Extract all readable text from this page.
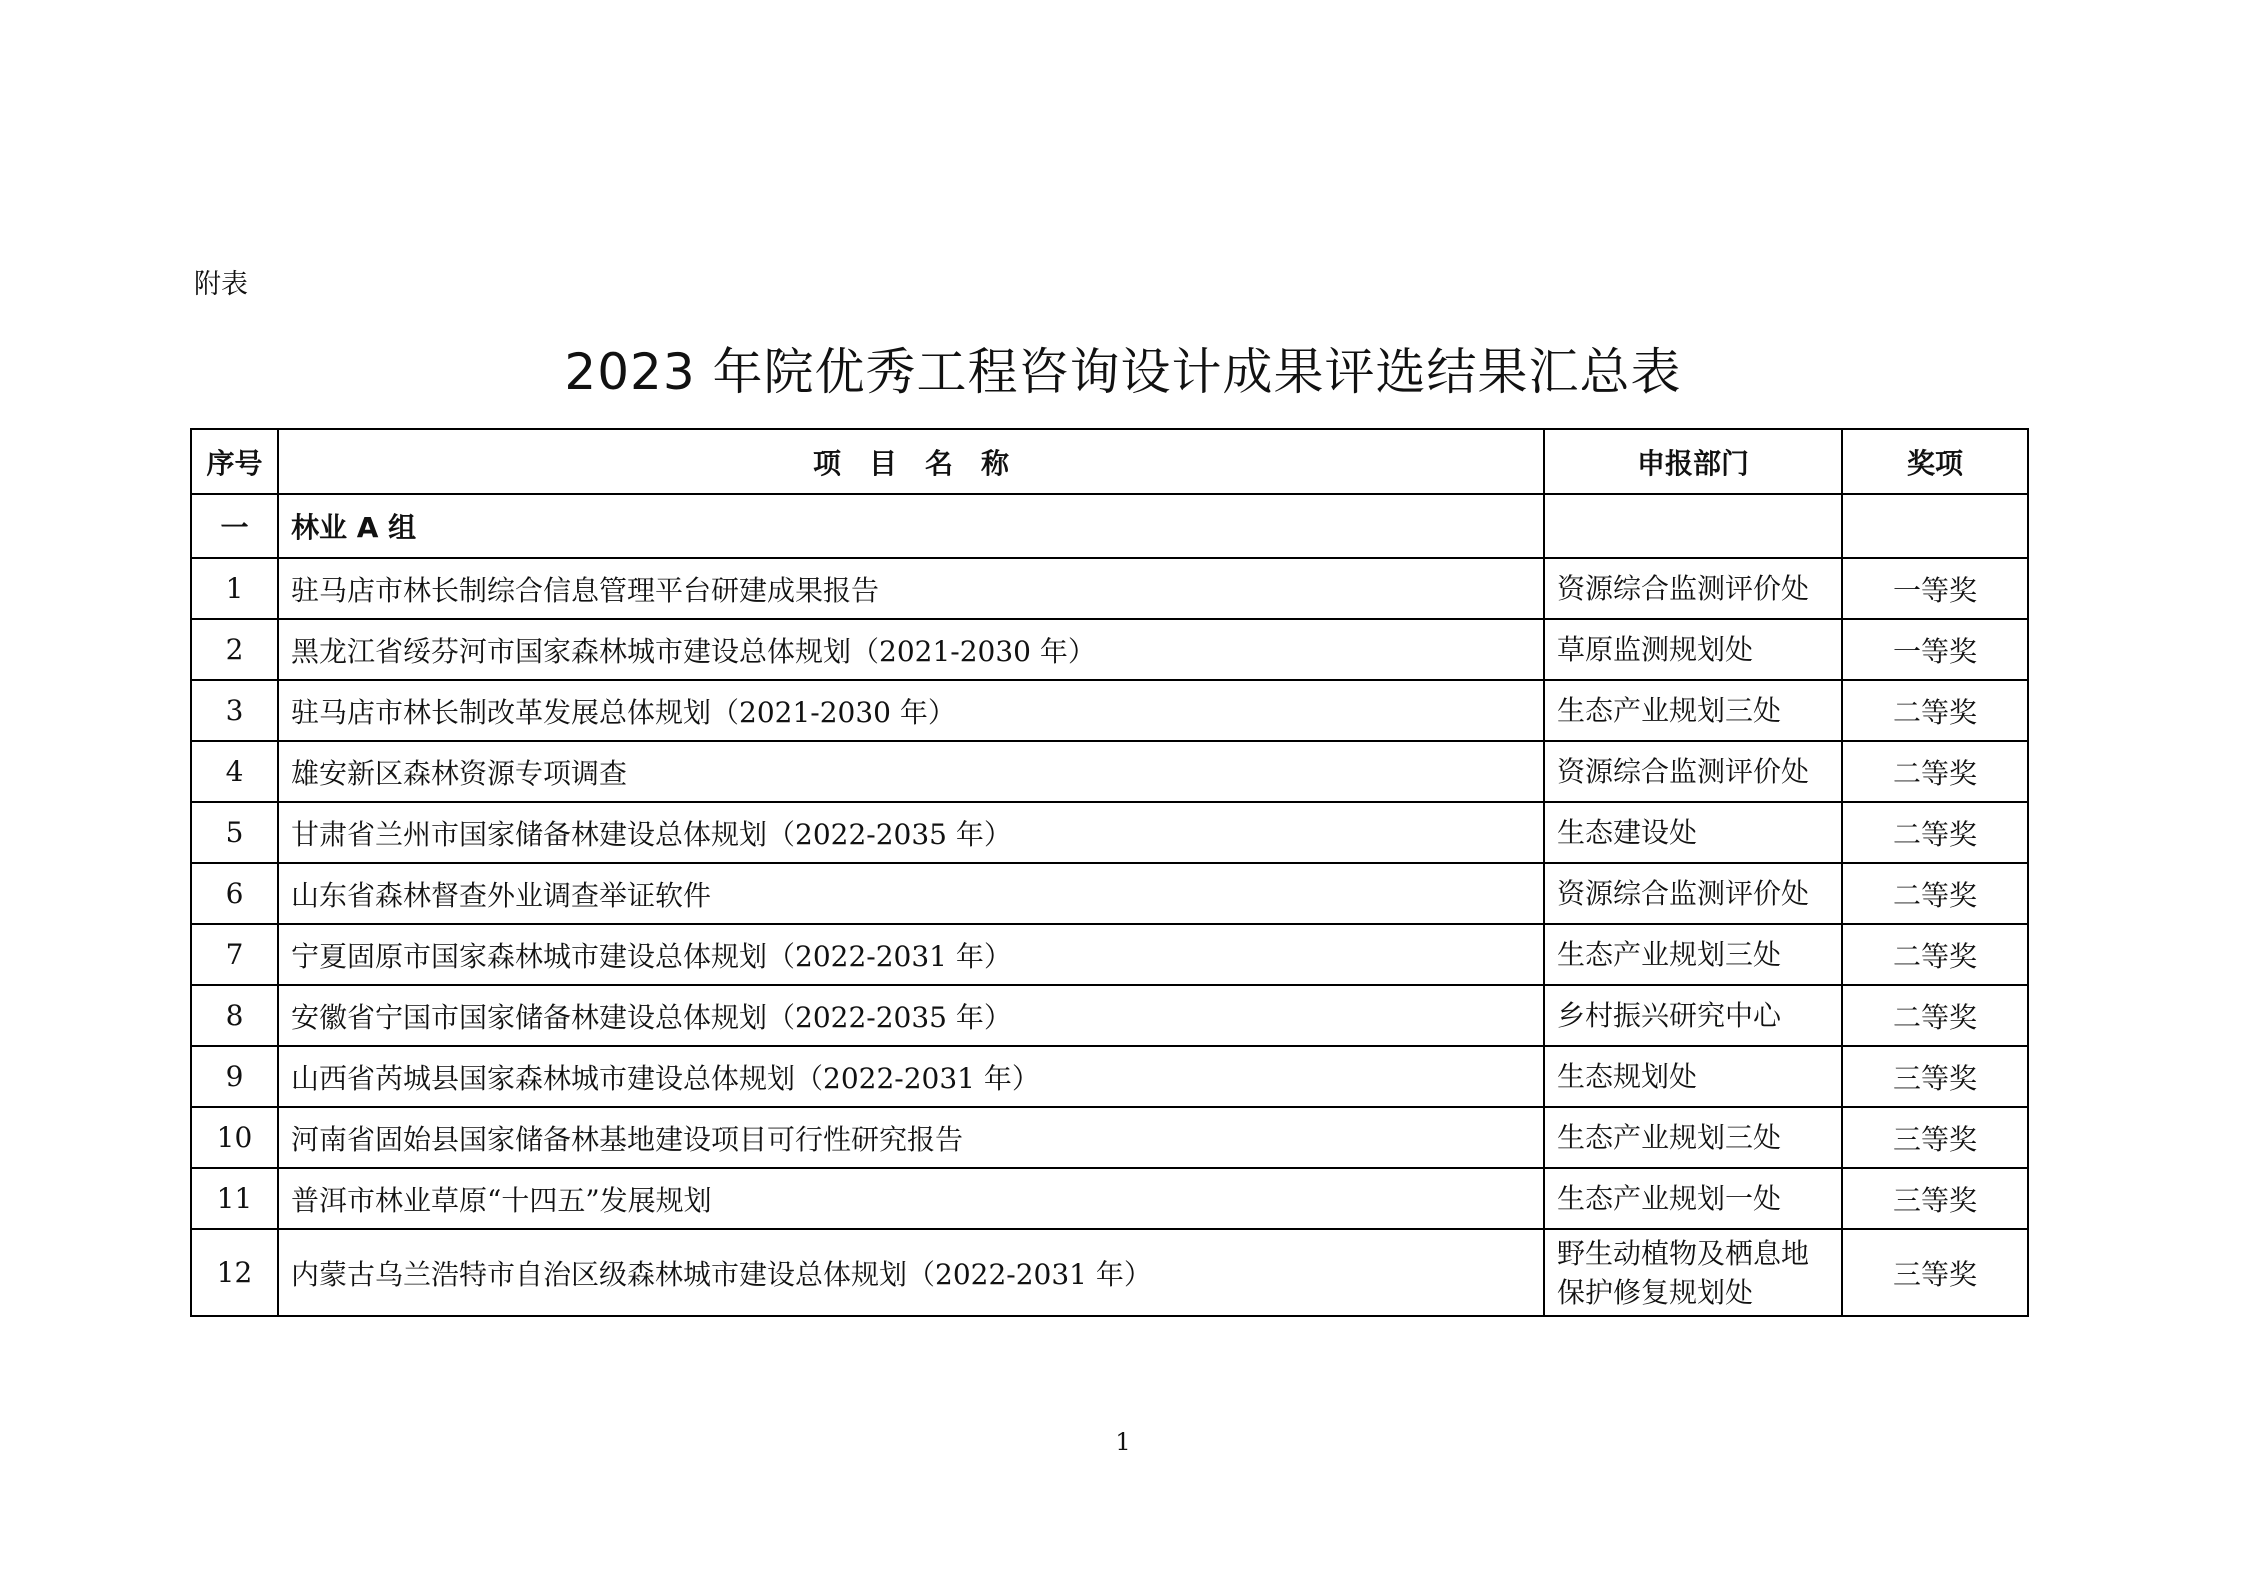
附表
2023 年院优秀工程咨询设计成果评选结果汇总表
序号	项　目　名　称	申报部门	奖项
一	林业 A 组		
1	驻马店市林长制综合信息管理平台研建成果报告	资源综合监测评价处	一等奖
2	黑龙江省绥芬河市国家森林城市建设总体规划（2021-2030 年）	草原监测规划处	一等奖
3	驻马店市林长制改革发展总体规划（2021-2030 年）	生态产业规划三处	二等奖
4	雄安新区森林资源专项调查	资源综合监测评价处	二等奖
5	甘肃省兰州市国家储备林建设总体规划（2022-2035 年）	生态建设处	二等奖
6	山东省森林督查外业调查举证软件	资源综合监测评价处	二等奖
7	宁夏固原市国家森林城市建设总体规划（2022-2031 年）	生态产业规划三处	二等奖
8	安徽省宁国市国家储备林建设总体规划（2022-2035 年）	乡村振兴研究中心	二等奖
9	山西省芮城县国家森林城市建设总体规划（2022-2031 年）	生态规划处	三等奖
10	河南省固始县国家储备林基地建设项目可行性研究报告	生态产业规划三处	三等奖
11	普洱市林业草原“十四五”发展规划	生态产业规划一处	三等奖
12	内蒙古乌兰浩特市自治区级森林城市建设总体规划（2022-2031 年）	野生动植物及栖息地保护修复规划处	三等奖
1
